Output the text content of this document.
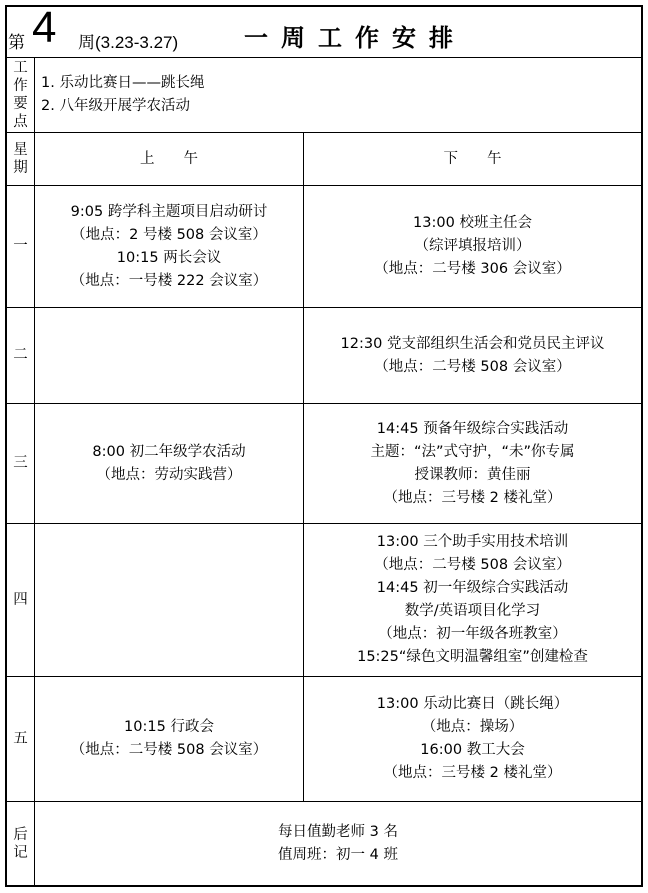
第 4 周(3.23-3.27)	一周工作安排
工
作
要
点
1. 乐动比赛日——跳长绳
2. 八年级开展学农活动
星
期
上　　午	下　　午
一
9:05 跨学科主题项目启动研讨
（地点：2 号楼 508 会议室）
10:15 两长会议
（地点：一号楼 222 会议室）
13:00 校班主任会
（综评填报培训）
（地点：二号楼 306 会议室）
二
12:30 党支部组织生活会和党员民主评议
（地点：二号楼 508 会议室）
三
8:00 初二年级学农活动
（地点：劳动实践营）
14:45 预备年级综合实践活动
主题：“法”式守护，“未”你专属
授课教师：黄佳丽
（地点：三号楼 2 楼礼堂）
四
13:00 三个助手实用技术培训
（地点：二号楼 508 会议室）
14:45 初一年级综合实践活动
数学/英语项目化学习
（地点：初一年级各班教室）
15:25“绿色文明温馨组室”创建检查
五
10:15 行政会
（地点：二号楼 508 会议室）
13:00 乐动比赛日（跳长绳）
（地点：操场）
16:00 教工大会
（地点：三号楼 2 楼礼堂）
后
记
每日值勤老师 3 名
值周班：初一 4 班
